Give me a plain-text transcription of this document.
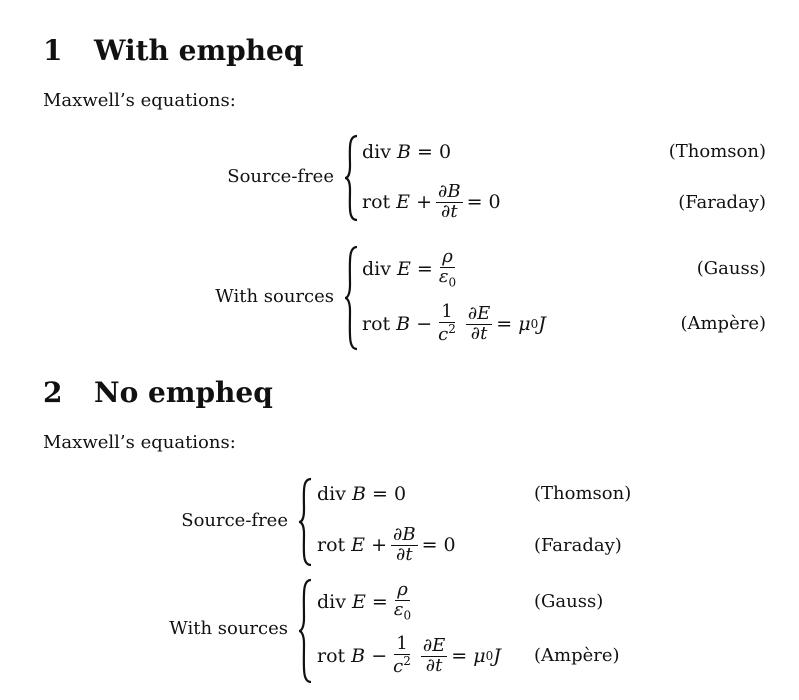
1 With empheq
Maxwell’s equations:
Source-free
div B
= 0	(Thomson)
rot E
+ $\frac{\partial B}{\partial t} = 0$	(Faraday)
With sources
div E
= $\frac{\rho}{\varepsilon_0}$	(Gauss)
rot B
− $\frac{1}{c^2} \frac{\partial E}{\partial t}$ =
μ 0 J	(Ampère)
2 No empheq
Maxwell’s equations:
Source-free
div B
= 0	(Thomson)
rot E
+ $\frac{\partial B}{\partial t} = 0$	(Faraday)
With sources
div E
= $\frac{\rho}{\varepsilon_0}$	(Gauss)
rot B
− $\frac{1}{c^2} \frac{\partial E}{\partial t}$ =
μ 0 J (Ampère)
